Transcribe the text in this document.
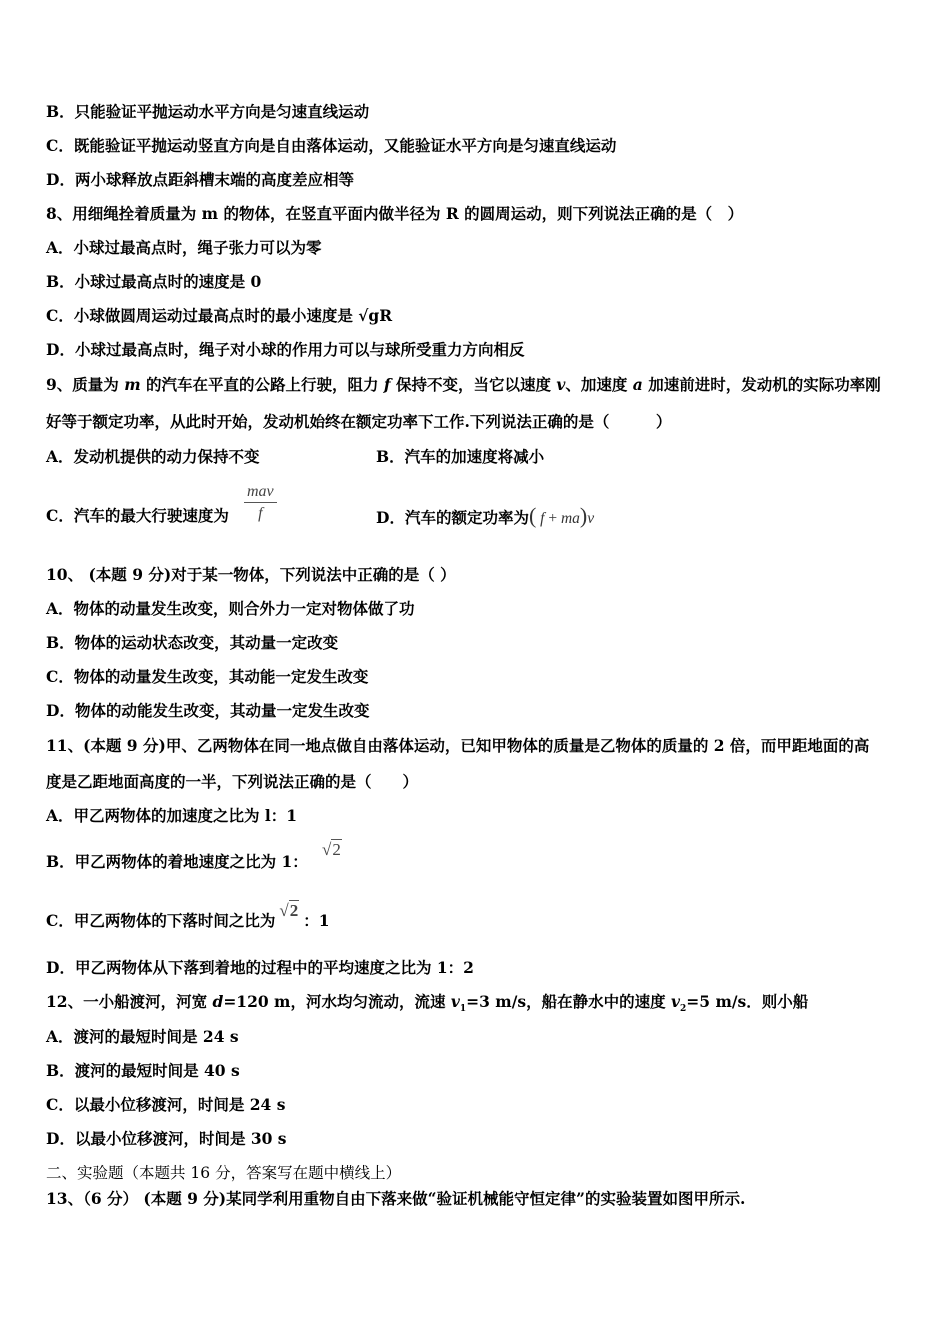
B．只能验证平抛运动水平方向是匀速直线运动
C．既能验证平抛运动竖直方向是自由落体运动，又能验证水平方向是匀速直线运动
D．两小球释放点距斜槽末端的高度差应相等
8、用细绳拴着质量为 m 的物体，在竖直平面内做半径为 R 的圆周运动，则下列说法正确的是（　）
A．小球过最高点时，绳子张力可以为零
B．小球过最高点时的速度是 0
C．小球做圆周运动过最高点时的最小速度是 √gR
D．小球过最高点时，绳子对小球的作用力可以与球所受重力方向相反
9、质量为 m 的汽车在平直的公路上行驶，阻力 f 保持不变，当它以速度 v、加速度 a 加速前进时，发动机的实际功率刚
好等于额定功率，从此时开始，发动机始终在额定功率下工作.下列说法正确的是（　　　）
A．发动机提供的动力保持不变	B．汽车的加速度将减小
C．汽车的最大行驶速度为
mav
f	D．汽车的额定功率为( f + ma)v
10、 (本题 9 分)对于某一物体，下列说法中正确的是（ ）
A．物体的动量发生改变，则合外力一定对物体做了功
B．物体的运动状态改变，其动量一定改变
C．物体的动量发生改变，其动能一定发生改变
D．物体的动能发生改变，其动量一定发生改变
11、(本题 9 分)甲、乙两物体在同一地点做自由落体运动，已知甲物体的质量是乙物体的质量的 2 倍，而甲距地面的高
度是乙距地面高度的一半，下列说法正确的是（　　）
A．甲乙两物体的加速度之比为 l：1
B．甲乙两物体的着地速度之比为 1：
√2
C．甲乙两物体的下落时间之比为√2：1
D．甲乙两物体从下落到着地的过程中的平均速度之比为 1：2
12、一小船渡河，河宽 d=120 m，河水均匀流动，流速 $v_1=3$ m/s，船在静水中的速度 $v_2=5$ m/s．则小船
A．渡河的最短时间是 24 s
B．渡河的最短时间是 40 s
C．以最小位移渡河，时间是 24 s
D．以最小位移渡河，时间是 30 s
二、实验题（本题共 16 分，答案写在题中横线上）
13、（6 分） (本题 9 分)某同学利用重物自由下落来做“验证机械能守恒定律”的实验装置如图甲所示.
